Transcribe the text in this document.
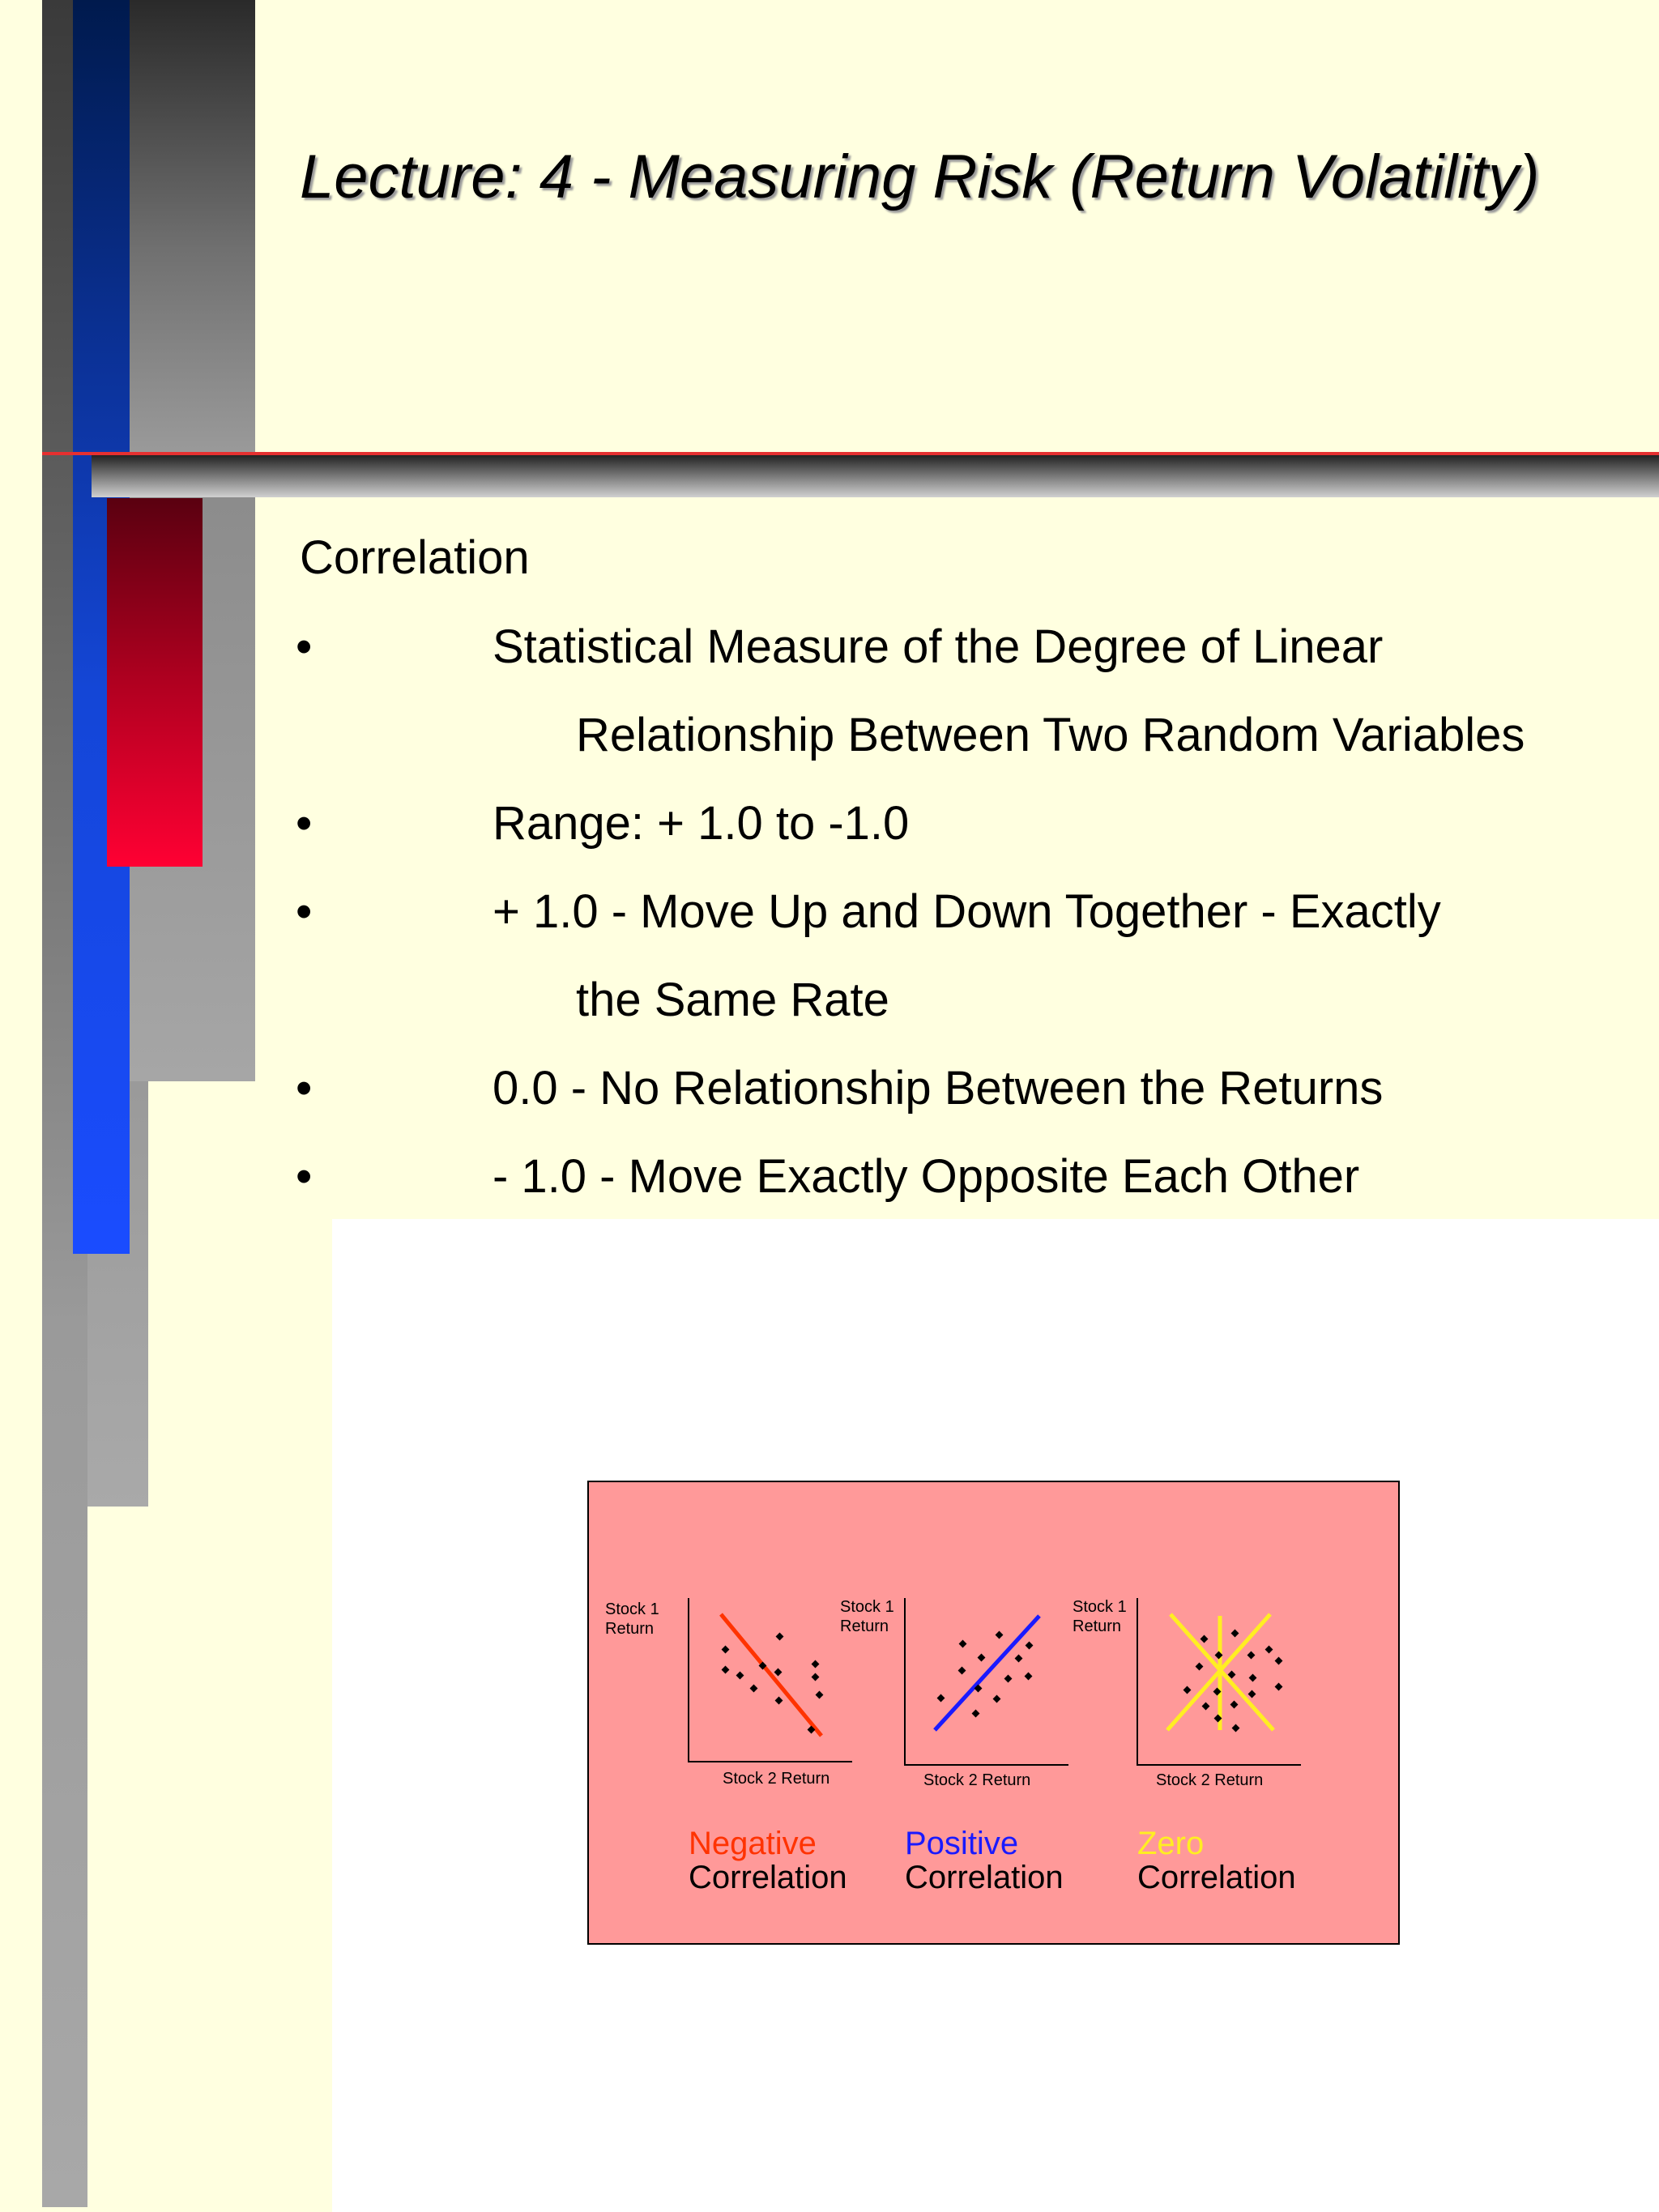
Lecture: 4 - Measuring Risk (Return Volatility)
Correlation
•	Statistical Measure of the Degree of Linear
Relationship Between Two Random Variables
•	Range: + 1.0 to -1.0
•	+ 1.0 - Move Up and Down Together - Exactly
the Same Rate
•	0.0 - No Relationship Between the Returns
•	- 1.0 - Move Exactly Opposite Each Other
Stock 1
Return
Stock 2 Return
Stock 1
Return
Stock 2 Return
Stock 1
Return
Stock 2 Return
Negative
Correlation
Positive
Correlation
Zero
Correlation
